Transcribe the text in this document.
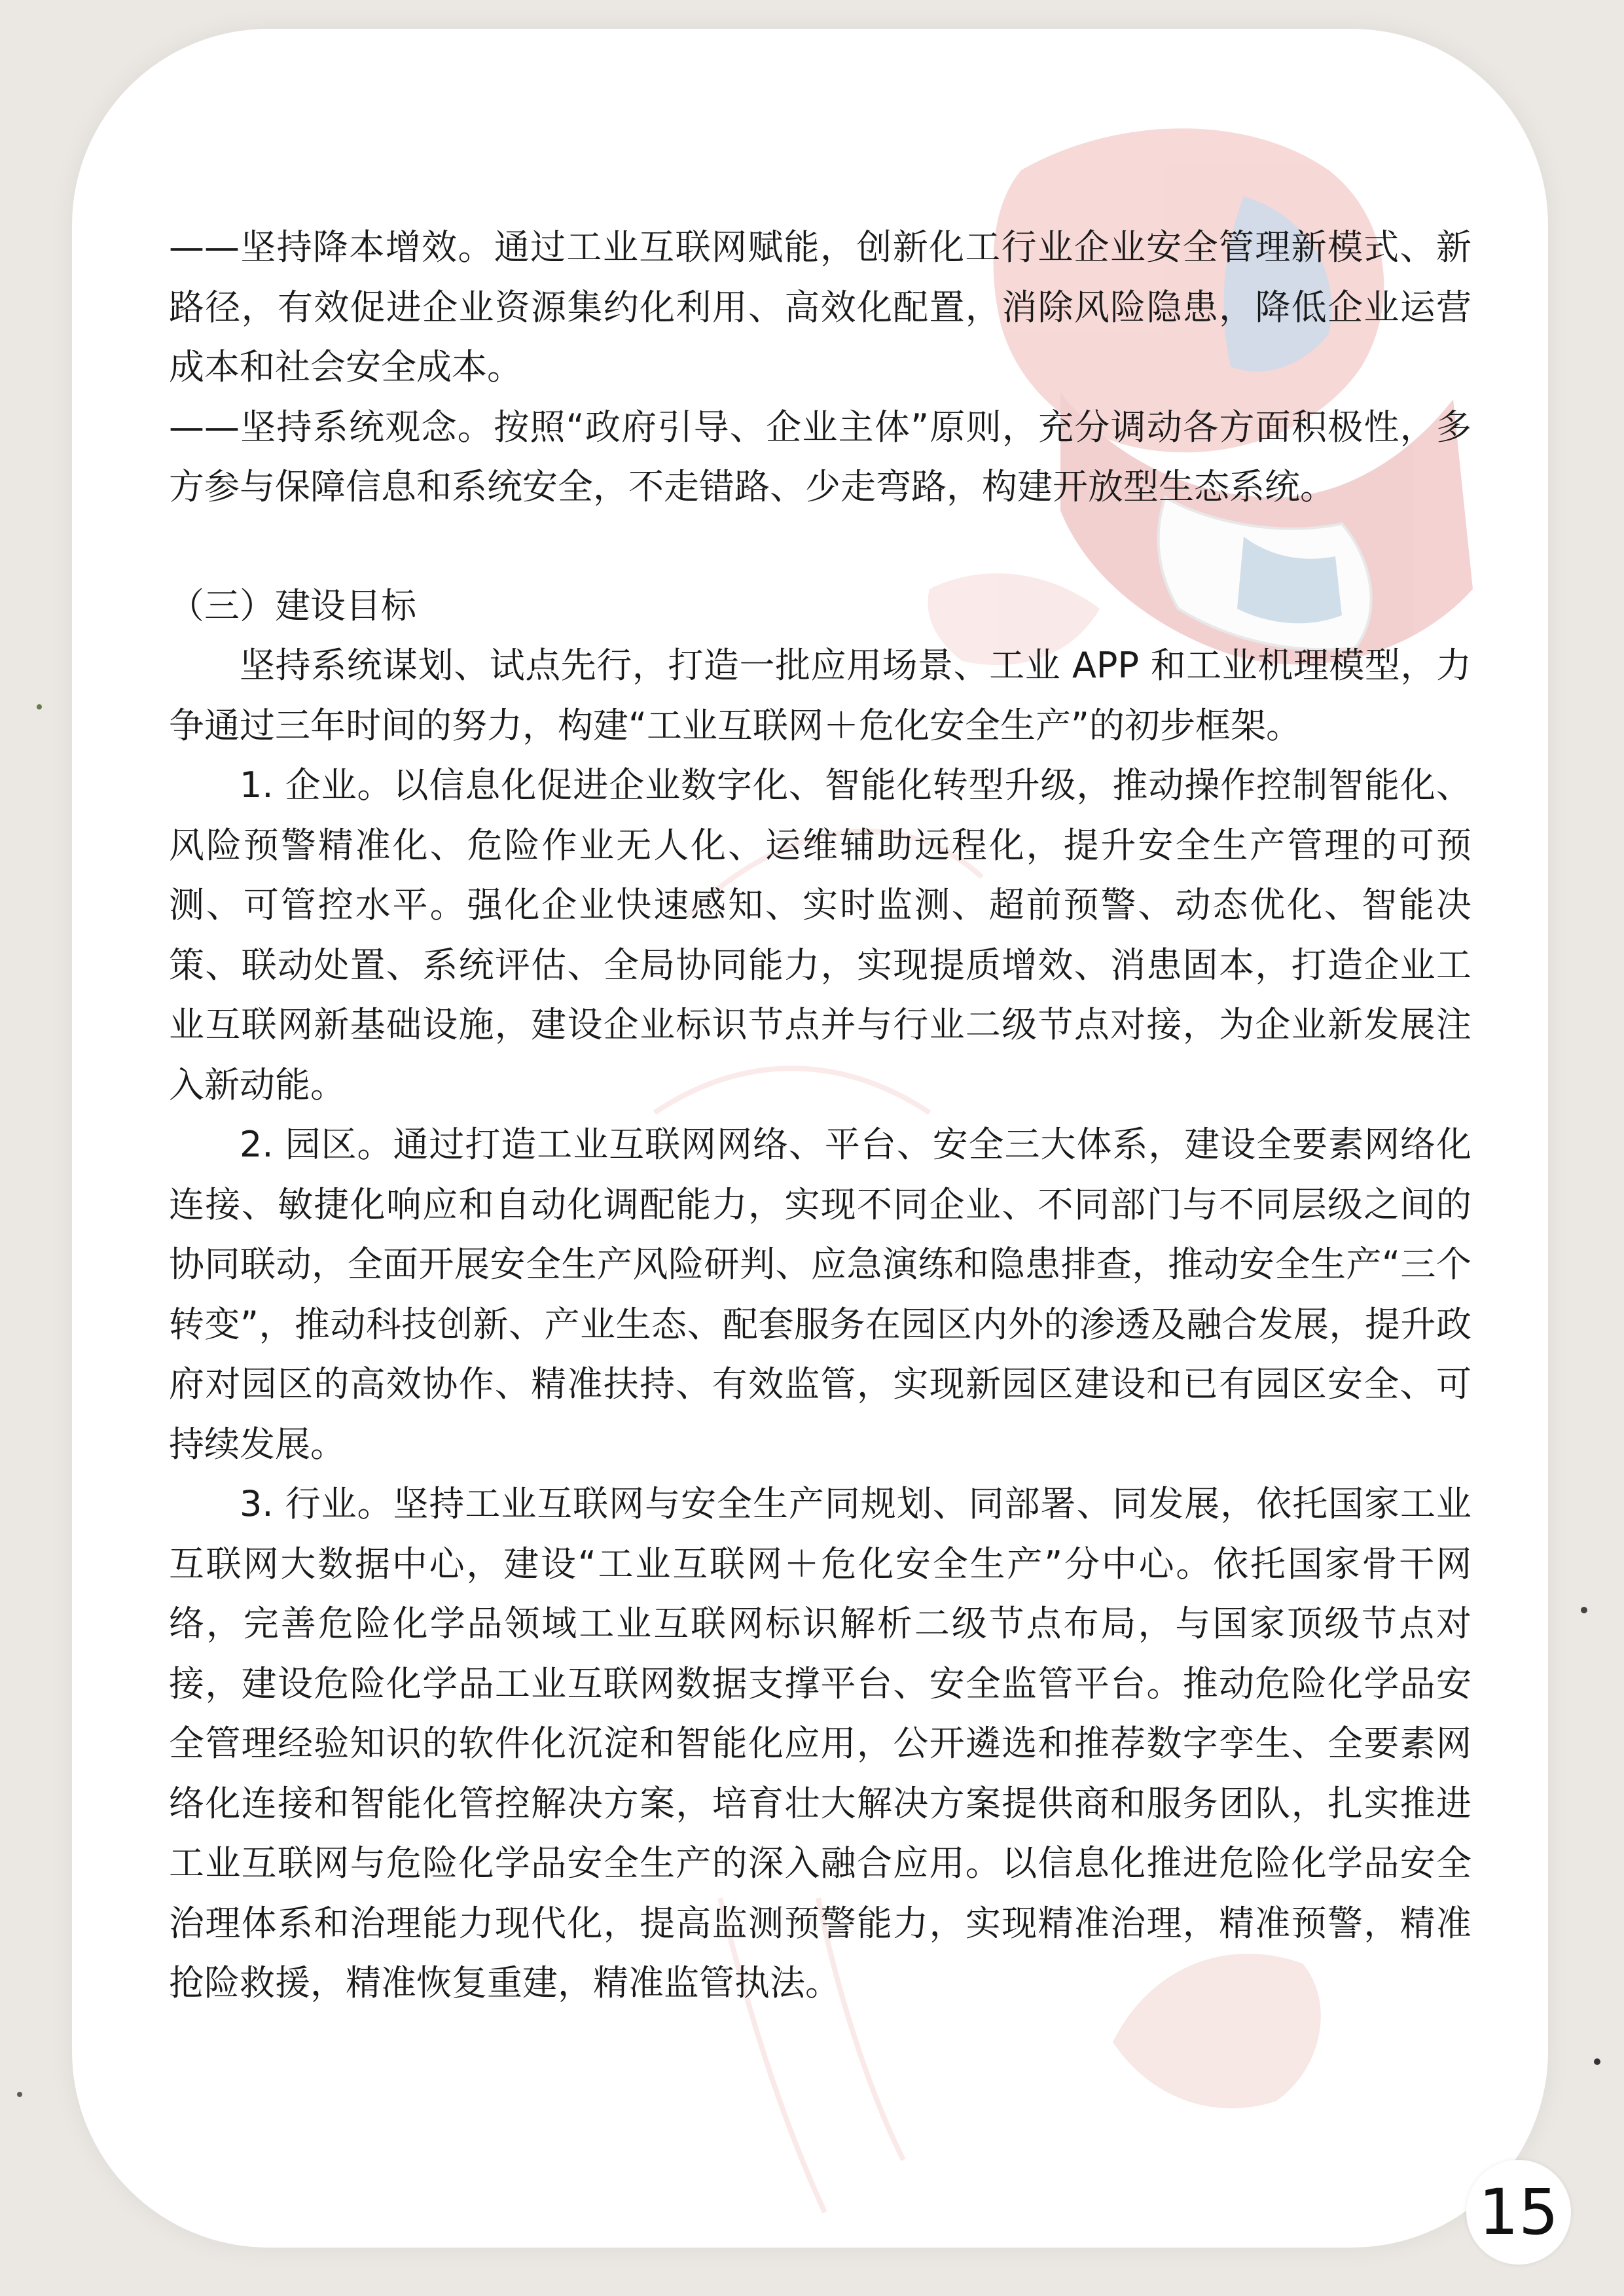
——坚持降本增效。通过工业互联网赋能，创新化工行业企业安全管理新模式、新路径，有效促进企业资源集约化利用、高效化配置，消除风险隐患，降低企业运营成本和社会安全成本。

——坚持系统观念。按照“政府引导、企业主体”原则，充分调动各方面积极性，多方参与保障信息和系统安全，不走错路、少走弯路，构建开放型生态系统。

（三）建设目标

坚持系统谋划、试点先行，打造一批应用场景、工业 APP 和工业机理模型，力争通过三年时间的努力，构建“工业互联网＋危化安全生产”的初步框架。

1. 企业。以信息化促进企业数字化、智能化转型升级，推动操作控制智能化、风险预警精准化、危险作业无人化、运维辅助远程化，提升安全生产管理的可预测、可管控水平。强化企业快速感知、实时监测、超前预警、动态优化、智能决策、联动处置、系统评估、全局协同能力，实现提质增效、消患固本，打造企业工业互联网新基础设施，建设企业标识节点并与行业二级节点对接，为企业新发展注入新动能。

2. 园区。通过打造工业互联网网络、平台、安全三大体系，建设全要素网络化连接、敏捷化响应和自动化调配能力，实现不同企业、不同部门与不同层级之间的协同联动，全面开展安全生产风险研判、应急演练和隐患排查，推动安全生产“三个转变”，推动科技创新、产业生态、配套服务在园区内外的渗透及融合发展，提升政府对园区的高效协作、精准扶持、有效监管，实现新园区建设和已有园区安全、可持续发展。

3. 行业。坚持工业互联网与安全生产同规划、同部署、同发展，依托国家工业互联网大数据中心，建设“工业互联网＋危化安全生产”分中心。依托国家骨干网络，完善危险化学品领域工业互联网标识解析二级节点布局，与国家顶级节点对接，建设危险化学品工业互联网数据支撑平台、安全监管平台。推动危险化学品安全管理经验知识的软件化沉淀和智能化应用，公开遴选和推荐数字孪生、全要素网络化连接和智能化管控解决方案，培育壮大解决方案提供商和服务团队，扎实推进工业互联网与危险化学品安全生产的深入融合应用。以信息化推进危险化学品安全治理体系和治理能力现代化，提高监测预警能力，实现精准治理，精准预警，精准抢险救援，精准恢复重建，精准监管执法。

15
